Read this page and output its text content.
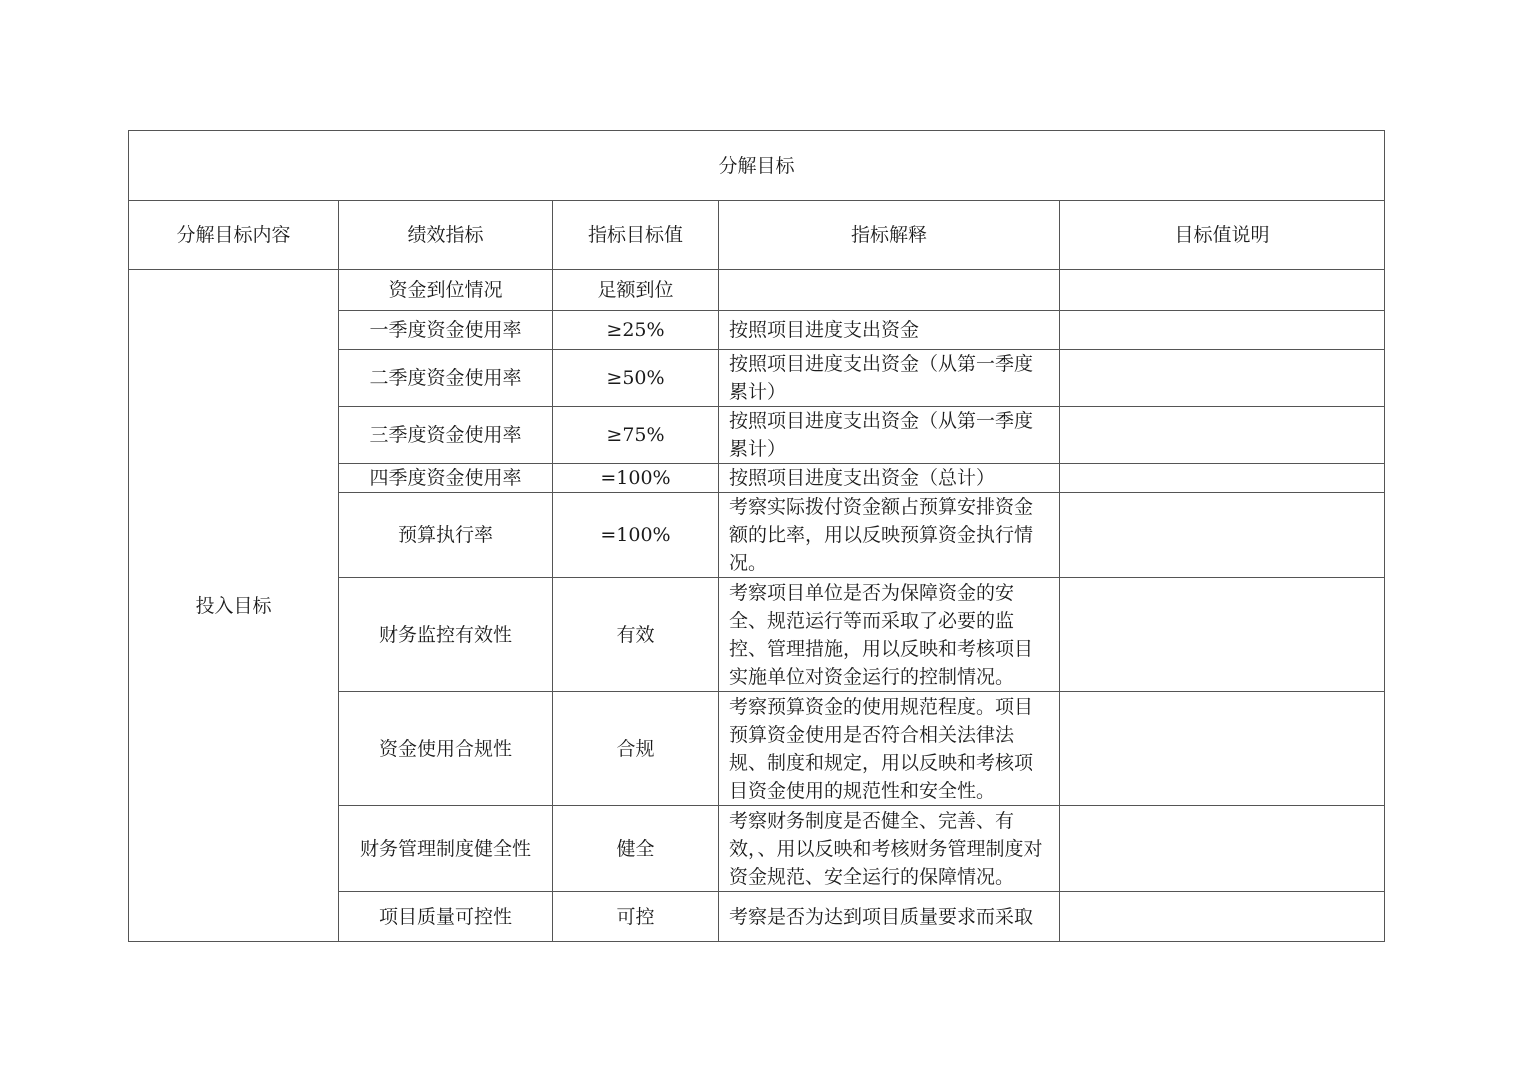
分解目标				
分解目标内容	绩效指标	指标目标值	指标解释	目标值说明
投入目标	资金到位情况	足额到位		
	一季度资金使用率	≥25%	按照项目进度支出资金	
	二季度资金使用率	≥50%	按照项目进度支出资金（从第一季度累计）	
	三季度资金使用率	≥75%	按照项目进度支出资金（从第一季度累计）	
	四季度资金使用率	=100%	按照项目进度支出资金（总计）	
	预算执行率	=100%	考察实际拨付资金额占预算安排资金额的比率，用以反映预算资金执行情况。	
	财务监控有效性	有效	考察项目单位是否为保障资金的安全、规范运行等而采取了必要的监控、管理措施，用以反映和考核项目实施单位对资金运行的控制情况。	
	资金使用合规性	合规	考察预算资金的使用规范程度。项目预算资金使用是否符合相关法律法规、制度和规定，用以反映和考核项目资金使用的规范性和安全性。	
	财务管理制度健全性	健全	考察财务制度是否健全、完善、有效，、用以反映和考核财务管理制度对资金规范、安全运行的保障情况。	
	项目质量可控性	可控	考察是否为达到项目质量要求而采取	
